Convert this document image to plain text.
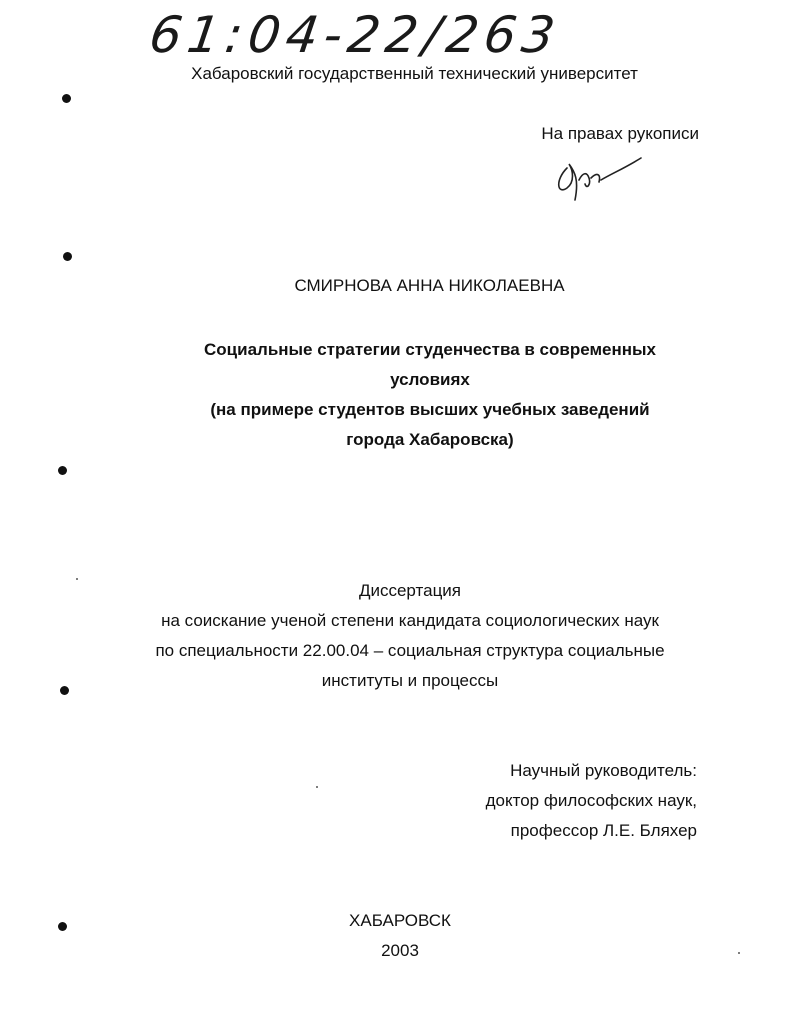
61:04-22/263
Хабаровский государственный технический университет
На правах рукописи
СМИРНОВА АННА НИКОЛАЕВНА
Социальные стратегии студенчества в современных
условиях
(на примере студентов высших учебных заведений
города Хабаровска)
Диссертация
на соискание ученой степени кандидата социологических наук
по специальности 22.00.04 – социальная структура социальные
институты и процессы
Научный руководитель:
доктор философских наук,
профессор Л.Е. Бляхер
ХАБАРОВСК
2003
